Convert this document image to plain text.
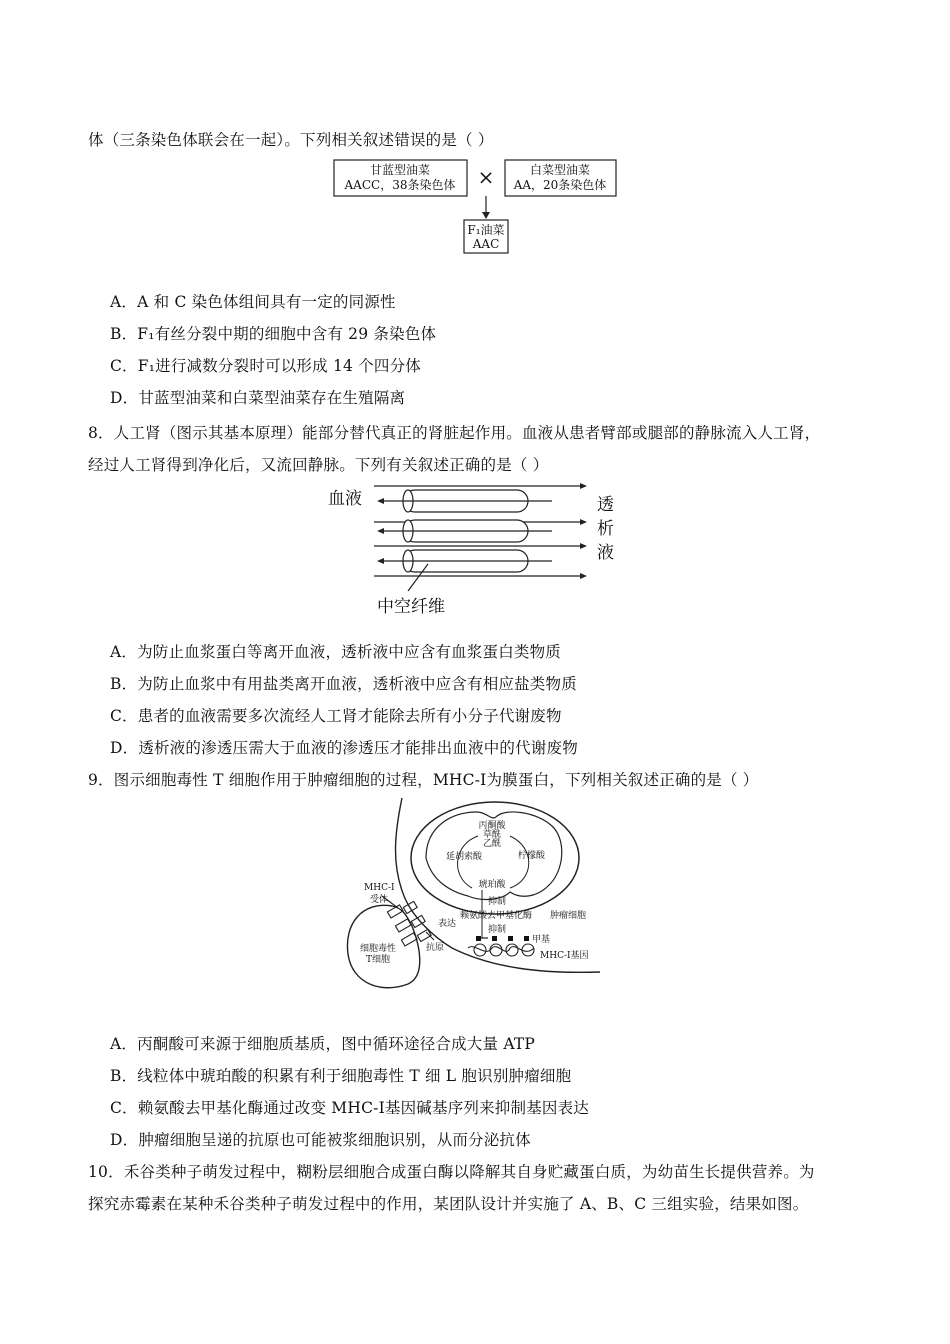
体（三条染色体联会在一起）。下列相关叙述错误的是（ ）
甘蓝型油菜
AACC，38条染色体 ×	白菜型油菜
AA，20条染色体
F₁油菜
AAC
A．A 和 C 染色体组间具有一定的同源性
B．F₁有丝分裂中期的细胞中含有 29 条染色体
C．F₁进行减数分裂时可以形成 14 个四分体
D．甘蓝型油菜和白菜型油菜存在生殖隔离
8．人工肾（图示其基本原理）能部分替代真正的肾脏起作用。血液从患者臂部或腿部的静脉流入人工肾，
经过人工肾得到净化后，又流回静脉。下列有关叙述正确的是（ ）
血液	透
析
液
中空纤维
A．为防止血浆蛋白等离开血液，透析液中应含有血浆蛋白类物质
B．为防止血浆中有用盐类离开血液，透析液中应含有相应盐类物质
C．患者的血液需要多次流经人工肾才能除去所有小分子代谢废物
D．透析液的渗透压需大于血液的渗透压才能排出血液中的代谢废物
9．图示细胞毒性 T 细胞作用于肿瘤细胞的过程，MHC-Ⅰ为膜蛋白，下列相关叙述正确的是（ ）
丙酮酸
草酰
乙酰
柠檬酸
延胡索酸
琥珀酸
抑制
赖氨酸去甲基化酶 肿瘤细胞
抑制
细胞毒性
T细胞
MHC-Ⅰ
受体
表达
抗原
甲基
MHC-Ⅰ基因
A．丙酮酸可来源于细胞质基质，图中循环途径合成大量 ATP
B．线粒体中琥珀酸的积累有利于细胞毒性 T 细 L 胞识别肿瘤细胞
C．赖氨酸去甲基化酶通过改变 MHC-Ⅰ基因碱基序列来抑制基因表达
D．肿瘤细胞呈递的抗原也可能被浆细胞识别，从而分泌抗体
10．禾谷类种子萌发过程中，糊粉层细胞合成蛋白酶以降解其自身贮藏蛋白质，为幼苗生长提供营养。为
探究赤霉素在某种禾谷类种子萌发过程中的作用，某团队设计并实施了 A、B、C 三组实验，结果如图。
